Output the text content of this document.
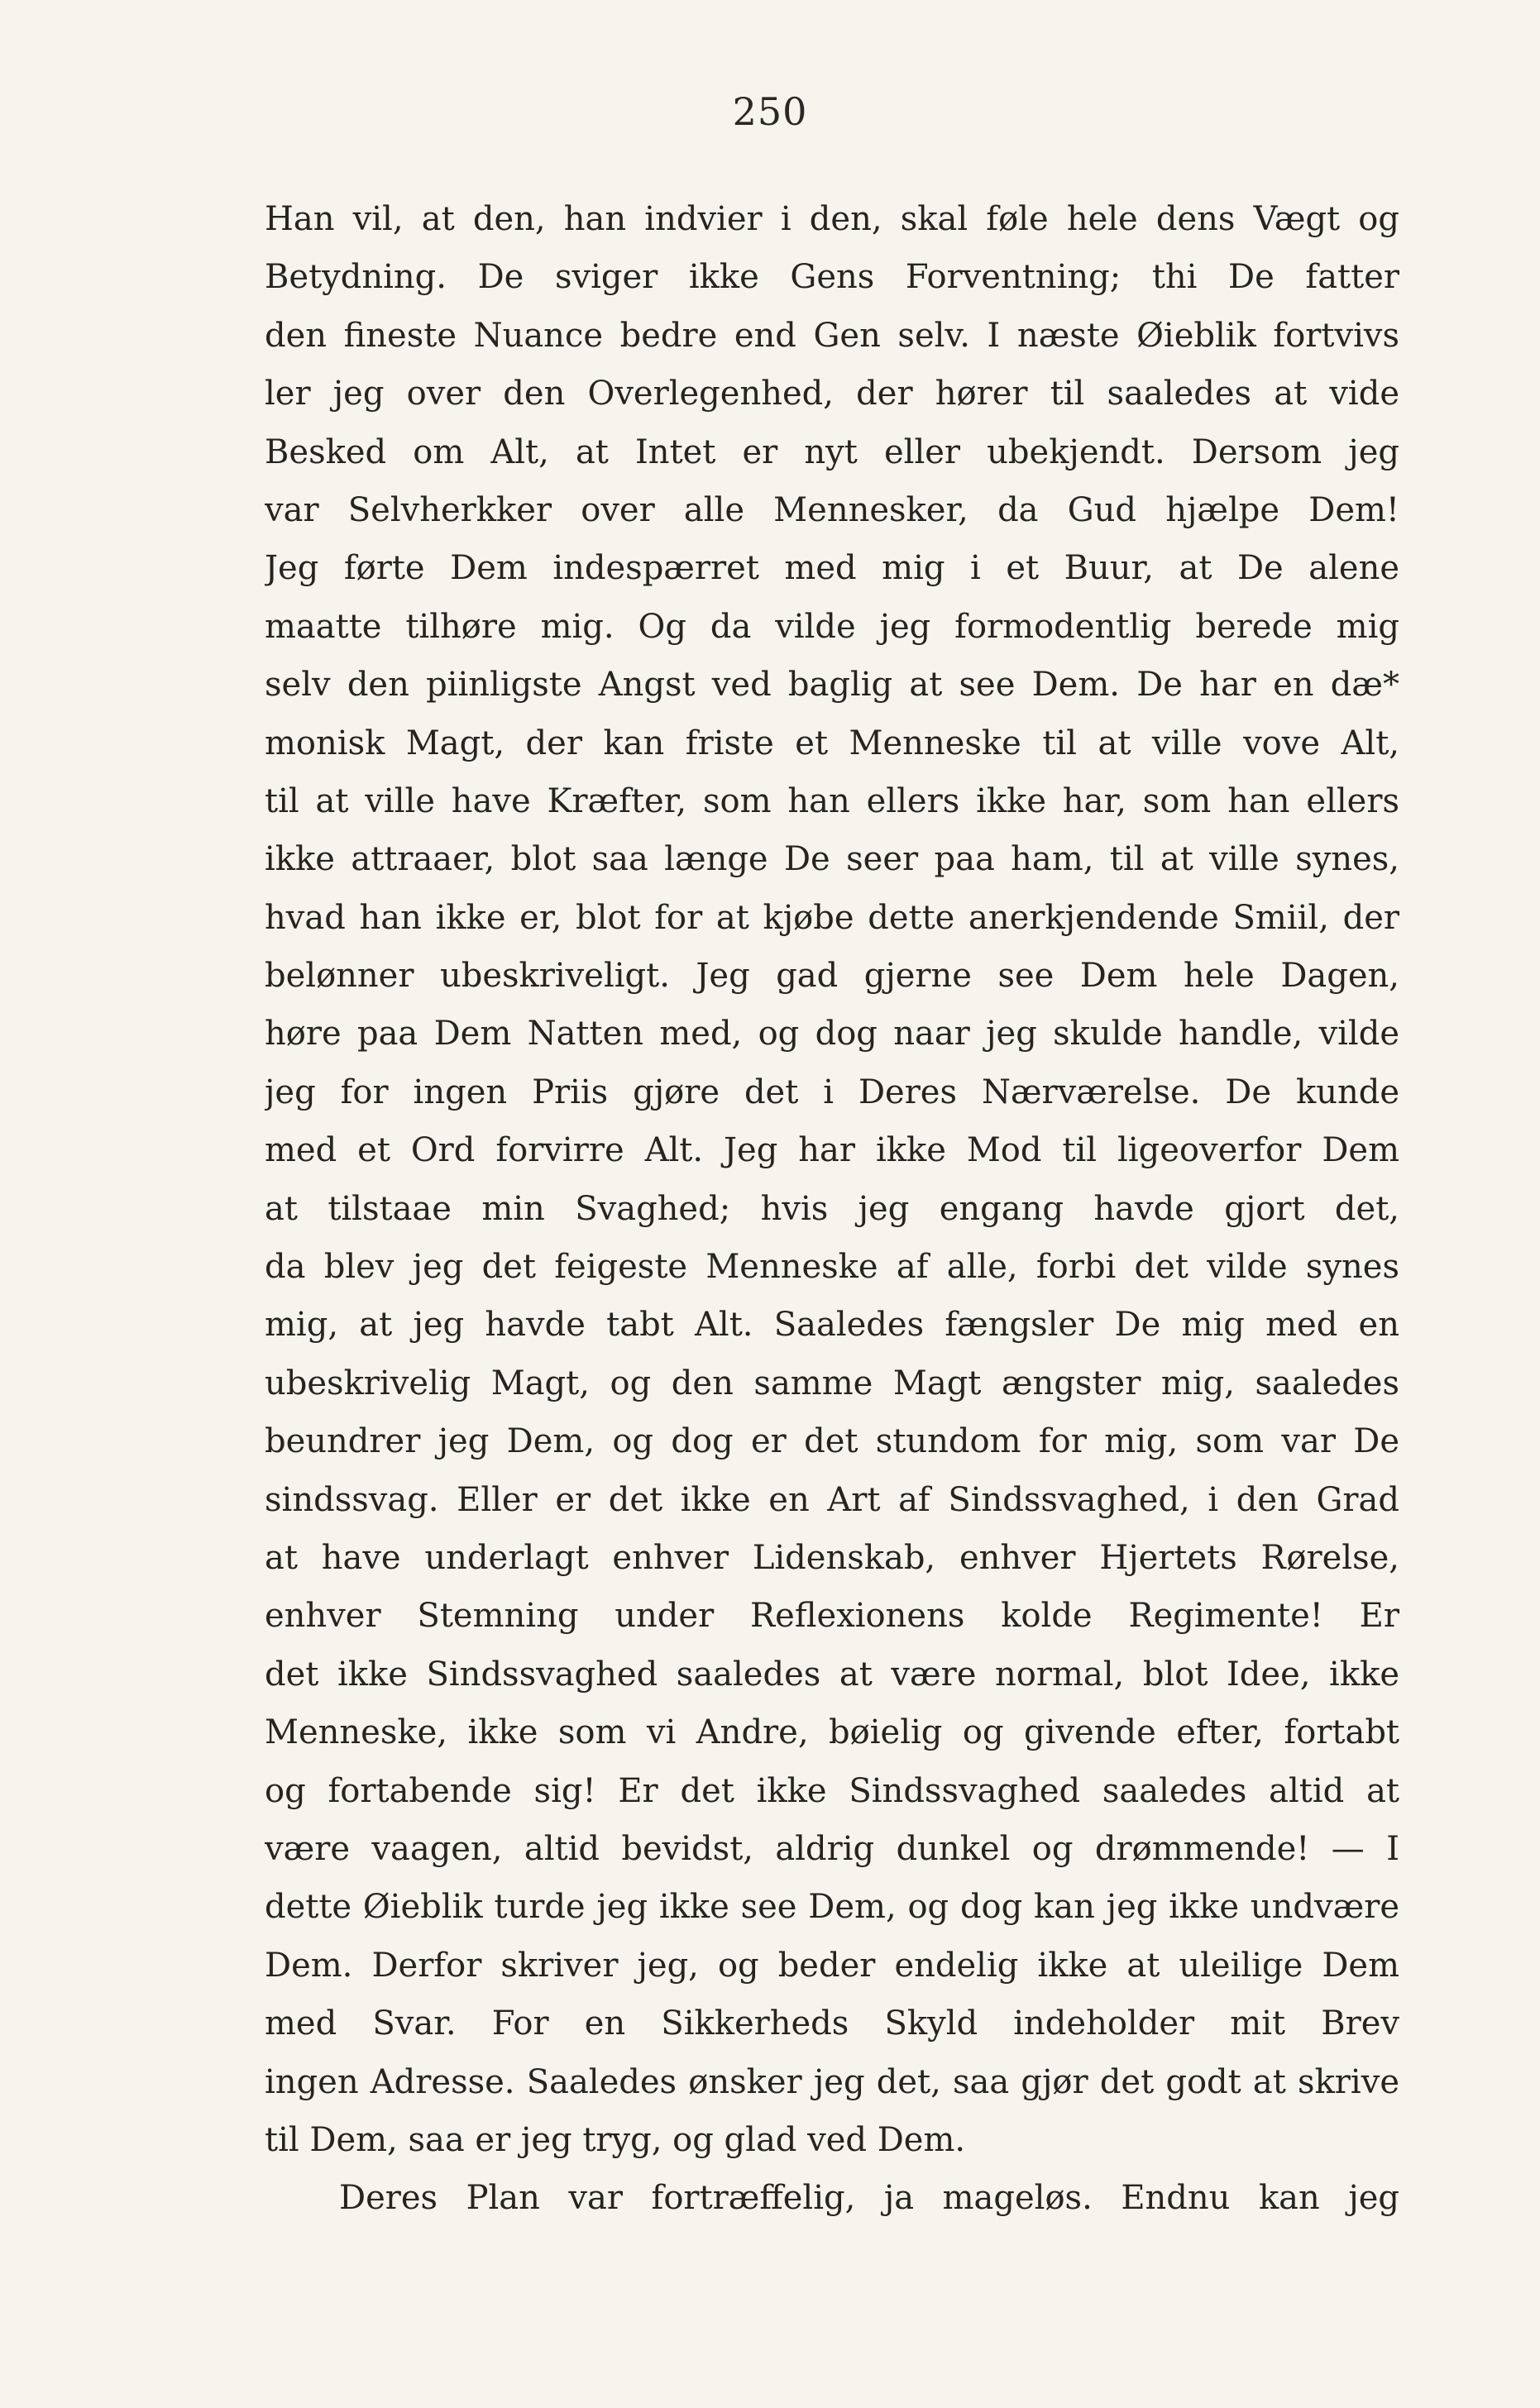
250
Han vil, at den, han indvier i den, skal føle hele dens Vægt og
Betydning. De sviger ikke Gens Forventning; thi De fatter
den fineste Nuance bedre end Gen selv. I næste Øieblik fortvivs
ler jeg over den Overlegenhed, der hører til saaledes at vide
Besked om Alt, at Intet er nyt eller ubekjendt. Dersom jeg
var Selvherkker over alle Mennesker, da Gud hjælpe Dem!
Jeg førte Dem indespærret med mig i et Buur, at De alene
maatte tilhøre mig. Og da vilde jeg formodentlig berede mig
selv den piinligste Angst ved baglig at see Dem. De har en dæ*
monisk Magt, der kan friste et Menneske til at ville vove Alt,
til at ville have Kræfter, som han ellers ikke har, som han ellers
ikke attraaer, blot saa længe De seer paa ham, til at ville synes,
hvad han ikke er, blot for at kjøbe dette anerkjendende Smiil, der
belønner ubeskriveligt. Jeg gad gjerne see Dem hele Dagen,
høre paa Dem Natten med, og dog naar jeg skulde handle, vilde
jeg for ingen Priis gjøre det i Deres Nærværelse. De kunde
med et Ord forvirre Alt. Jeg har ikke Mod til ligeoverfor Dem
at tilstaae min Svaghed; hvis jeg engang havde gjort det,
da blev jeg det feigeste Menneske af alle, forbi det vilde synes
mig, at jeg havde tabt Alt. Saaledes fængsler De mig med en
ubeskrivelig Magt, og den samme Magt ængster mig, saaledes
beundrer jeg Dem, og dog er det stundom for mig, som var De
sindssvag. Eller er det ikke en Art af Sindssvaghed, i den Grad
at have underlagt enhver Lidenskab, enhver Hjertets Rørelse,
enhver Stemning under Reflexionens kolde Regimente! Er
det ikke Sindssvaghed saaledes at være normal, blot Idee, ikke
Menneske, ikke som vi Andre, bøielig og givende efter, fortabt
og fortabende sig! Er det ikke Sindssvaghed saaledes altid at
være vaagen, altid bevidst, aldrig dunkel og drømmende! — I
dette Øieblik turde jeg ikke see Dem, og dog kan jeg ikke undvære
Dem. Derfor skriver jeg, og beder endelig ikke at uleilige Dem
med Svar. For en Sikkerheds Skyld indeholder mit Brev
ingen Adresse. Saaledes ønsker jeg det, saa gjør det godt at skrive
til Dem, saa er jeg tryg, og glad ved Dem.
Deres Plan var fortræffelig, ja mageløs. Endnu kan jeg
